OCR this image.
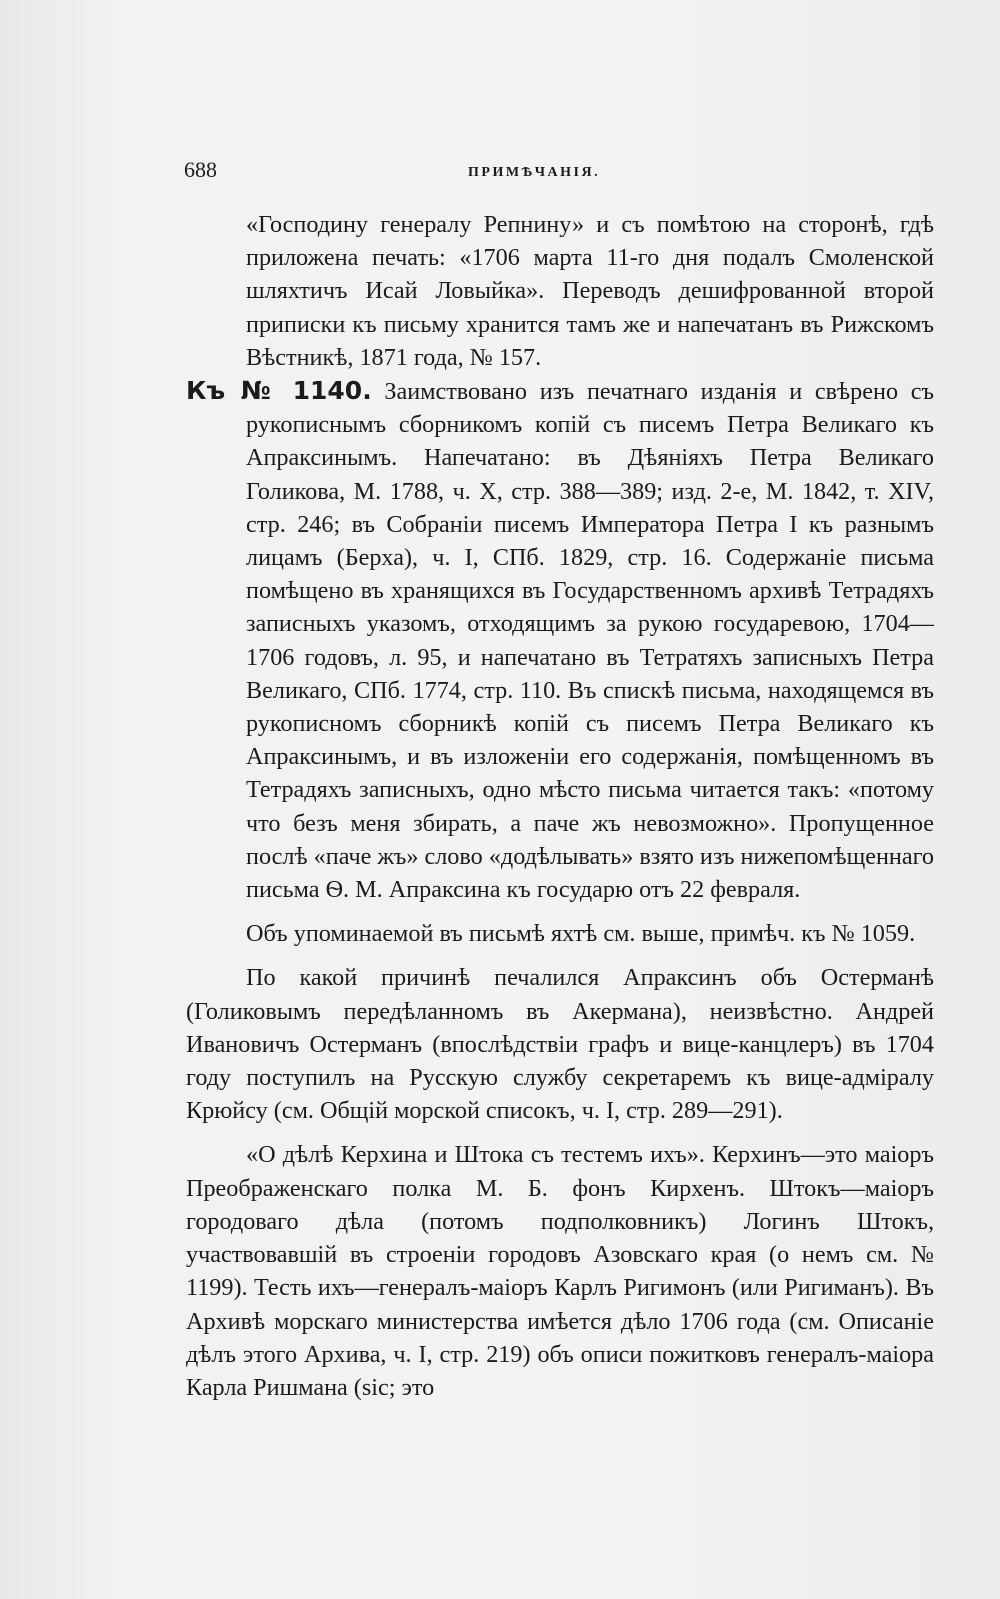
688	ПРИМѢЧАНІЯ.

«Господину генералу Репнину» и съ помѣтою на сторонѣ, гдѣ приложена печать: «1706 марта 11-го дня подалъ Смоленской шляхтичъ Исай Ловыйка». Переводъ дешифрованной второй приписки къ письму хранится тамъ же и напечатанъ въ Рижскомъ Вѣстникѣ, 1871 года, № 157.

Къ № 1140. Заимствовано изъ печатнаго изданія и свѣрено съ рукописнымъ сборникомъ копій съ писемъ Петра Великаго къ Апраксинымъ. Напечатано: въ Дѣяніяхъ Петра Великаго Голикова, М. 1788, ч. X, стр. 388—389; изд. 2-е, М. 1842, т. XIV, стр. 246; въ Собраніи писемъ Императора Петра I къ разнымъ лицамъ (Берха), ч. I, СПб. 1829, стр. 16. Содержаніе письма помѣщено въ хранящихся въ Государственномъ архивѣ Тетрадяхъ записныхъ указомъ, отходящимъ за рукою государевою, 1704—1706 годовъ, л. 95, и напечатано въ Тетратяхъ записныхъ Петра Великаго, СПб. 1774, стр. 110. Въ спискѣ письма, находящемся въ рукописномъ сборникѣ копій съ писемъ Петра Великаго къ Апраксинымъ, и въ изложеніи его содержанія, помѣщенномъ въ Тетрадяхъ записныхъ, одно мѣсто письма читается такъ: «потому что безъ меня збирать, а паче жъ невозможно». Пропущенное послѣ «паче жъ» слово «додѣлывать» взято изъ нижепомѣщеннаго письма Ѳ. М. Апраксина къ государю отъ 22 февраля.

Объ упоминаемой въ письмѣ яхтѣ см. выше, примѣч. къ № 1059.

По какой причинѣ печалился Апраксинъ объ Остерманѣ (Голиковымъ передѣланномъ въ Акермана), неизвѣстно. Андрей Ивановичъ Остерманъ (впослѣдствіи графъ и вице-канцлеръ) въ 1704 году поступилъ на Русскую службу секретаремъ къ вице-адміралу Крюйсу (см. Общій морской списокъ, ч. I, стр. 289—291).

«О дѣлѣ Керхина и Штока съ тестемъ ихъ». Керхинъ—это маіоръ Преображенскаго полка М. Б. фонъ Кирхенъ. Штокъ—маіоръ городоваго дѣла (потомъ подполковникъ) Логинъ Штокъ, участвовавшій въ строеніи городовъ Азовскаго края (о немъ см. № 1199). Тесть ихъ—генералъ-маіоръ Карлъ Ригимонъ (или Ригиманъ). Въ Архивѣ морскаго министерства имѣется дѣло 1706 года (см. Описаніе дѣлъ этого Архива, ч. I, стр. 219) объ описи пожитковъ генералъ-маіора Карла Ришмана (sic; это
